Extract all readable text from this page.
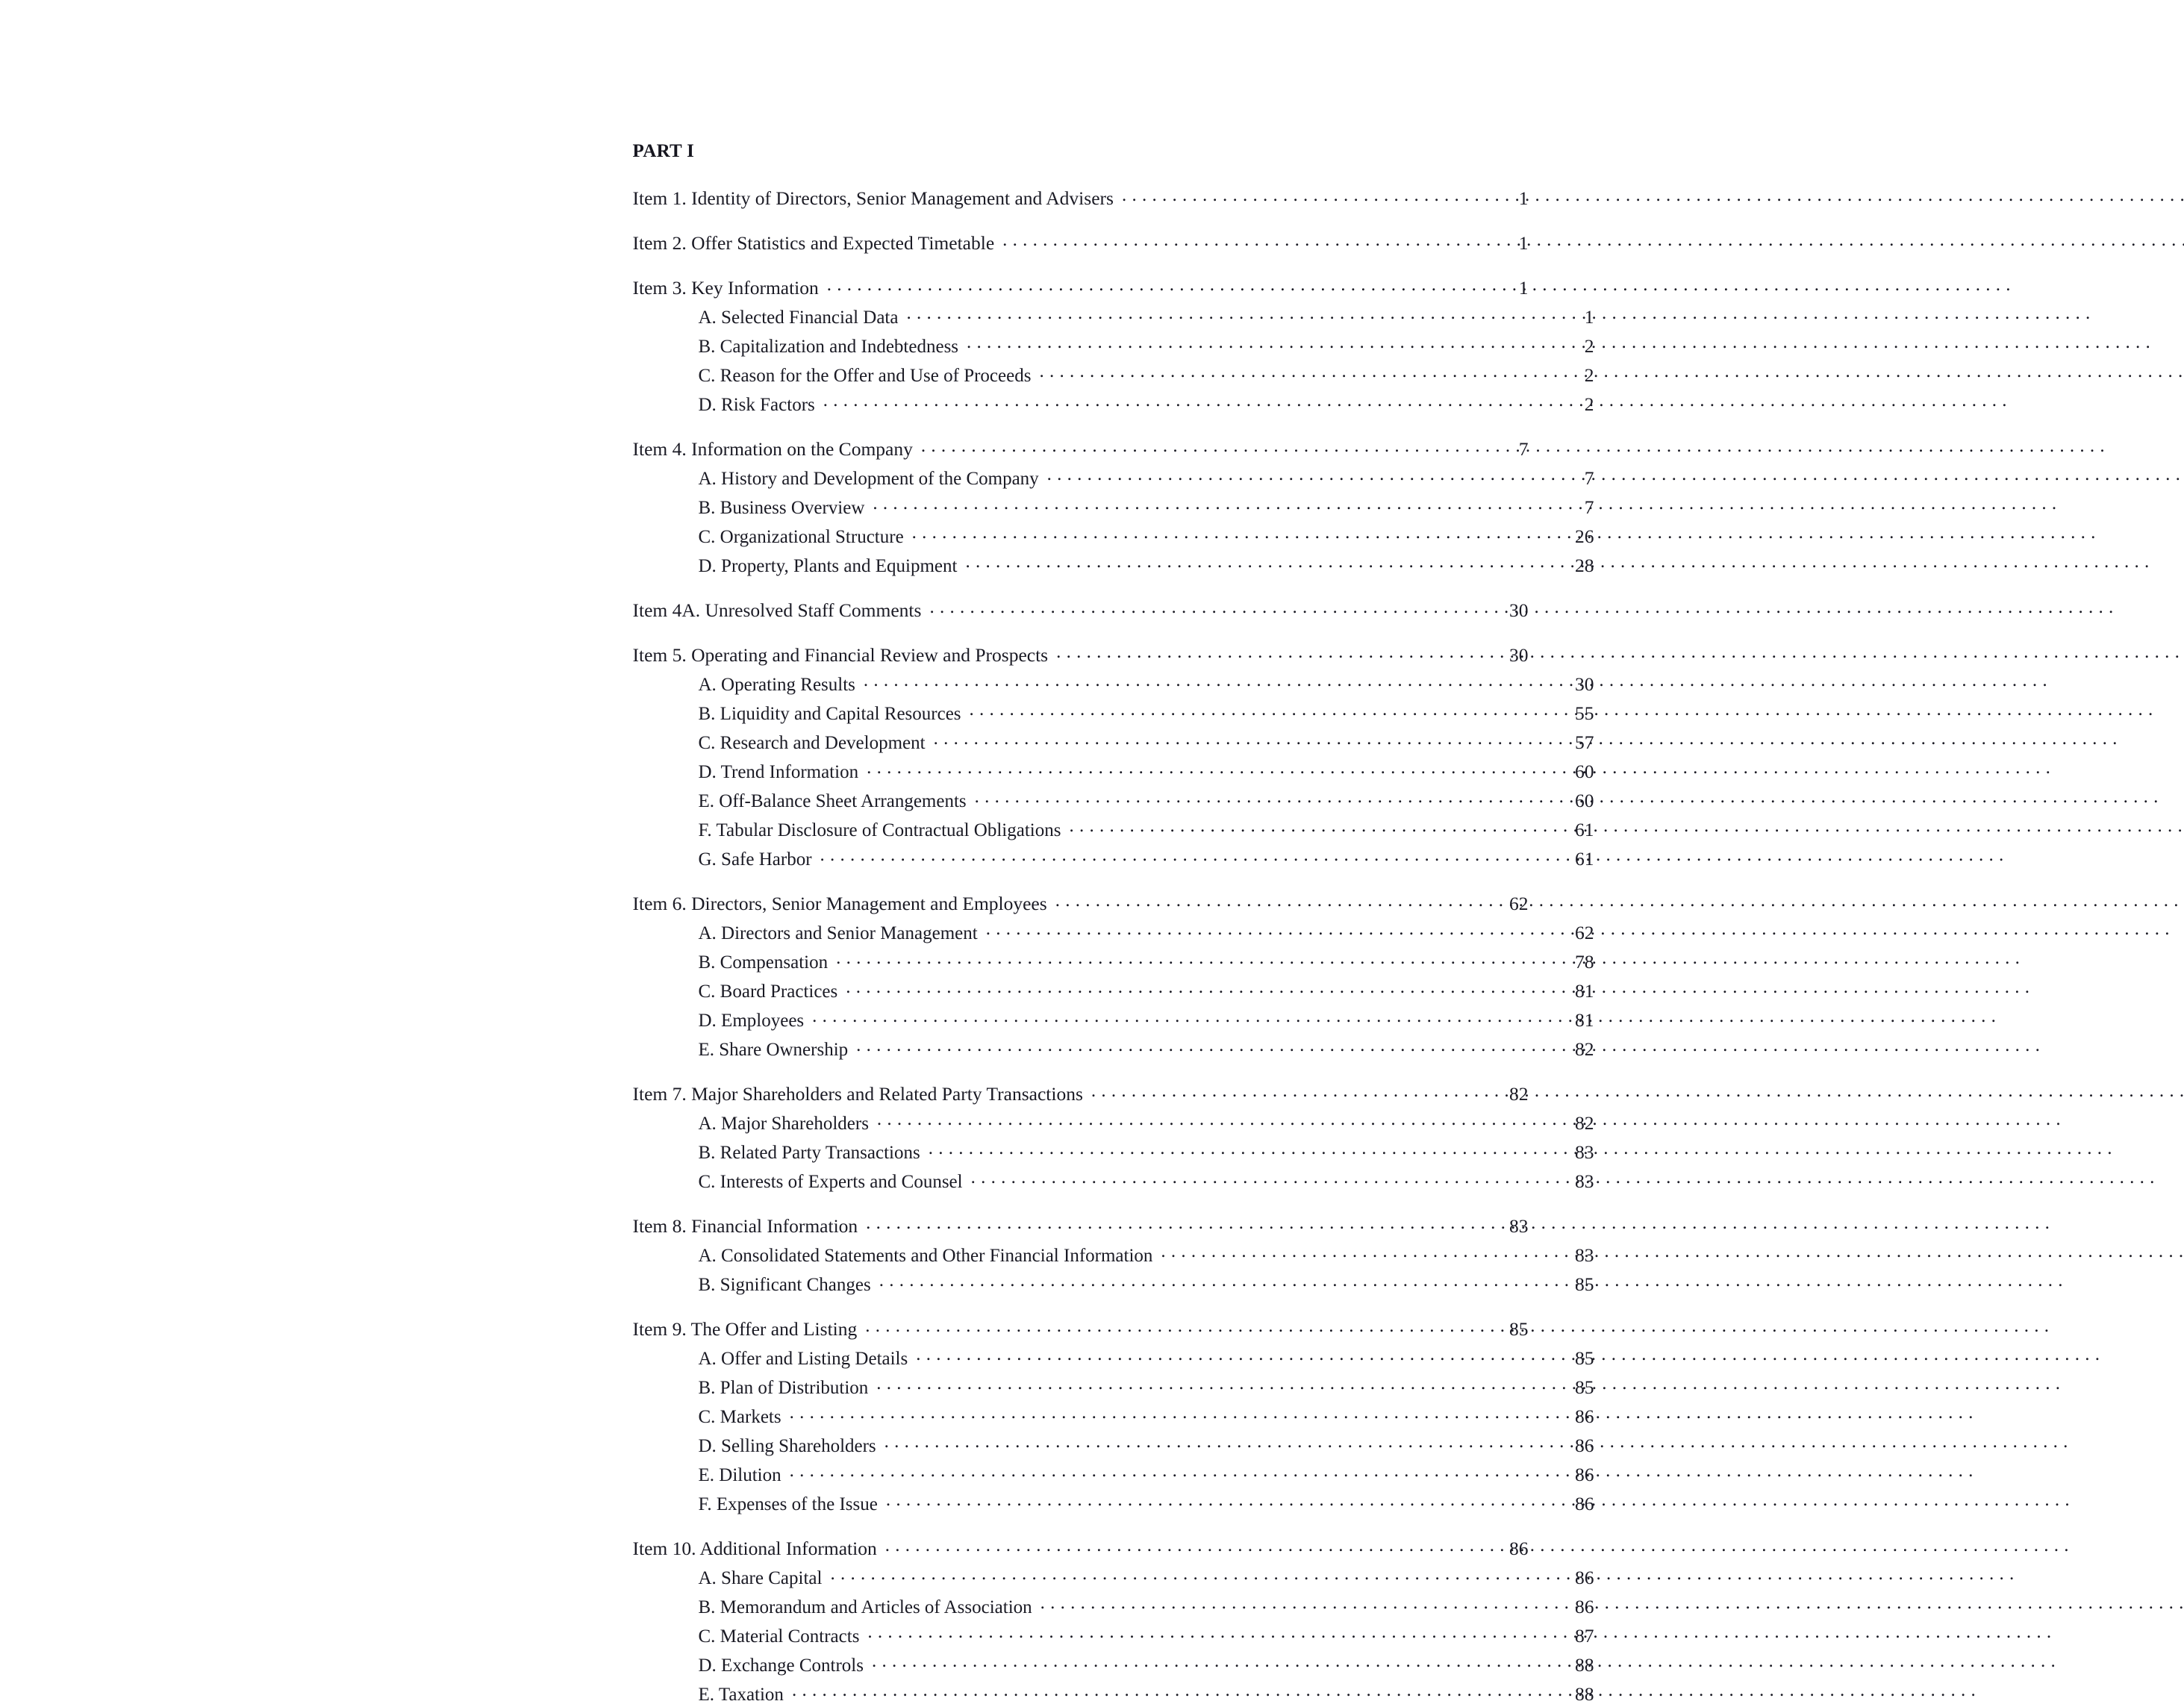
PART I
Item 1. Identity of Directors, Senior Management and Advisers . . .	1
Item 2. Offer Statistics and Expected Timetable . . .	1
Item 3. Key Information . . .	1
A. Selected Financial Data . . .	1
B. Capitalization and Indebtedness . . .	2
C. Reason for the Offer and Use of Proceeds . . .	2
D. Risk Factors . . .	2
Item 4. Information on the Company . . .	7
A. History and Development of the Company . . .	7
B. Business Overview . . .	7
C. Organizational Structure . . .	26
D. Property, Plants and Equipment . . .	28
Item 4A. Unresolved Staff Comments . . .	30
Item 5. Operating and Financial Review and Prospects . . .	30
A. Operating Results . . .	30
B. Liquidity and Capital Resources . . .	55
C. Research and Development . . .	57
D. Trend Information . . .	60
E. Off-Balance Sheet Arrangements . . .	60
F. Tabular Disclosure of Contractual Obligations . . .	61
G. Safe Harbor . . .	61
Item 6. Directors, Senior Management and Employees . . .	62
A. Directors and Senior Management . . .	62
B. Compensation . . .	78
C. Board Practices . . .	81
D. Employees . . .	81
E. Share Ownership . . .	82
Item 7. Major Shareholders and Related Party Transactions . . .	82
A. Major Shareholders . . .	82
B. Related Party Transactions . . .	83
C. Interests of Experts and Counsel . . .	83
Item 8. Financial Information . . .	83
A. Consolidated Statements and Other Financial Information . . .	83
B. Significant Changes . . .	85
Item 9. The Offer and Listing . . .	85
A. Offer and Listing Details . . .	85
B. Plan of Distribution . . .	85
C. Markets . . .	86
D. Selling Shareholders . . .	86
E. Dilution . . .	86
F. Expenses of the Issue . . .	86
Item 10. Additional Information . . .	86
A. Share Capital . . .	86
B. Memorandum and Articles of Association . . .	86
C. Material Contracts . . .	87
D. Exchange Controls . . .	88
E. Taxation . . .	88
